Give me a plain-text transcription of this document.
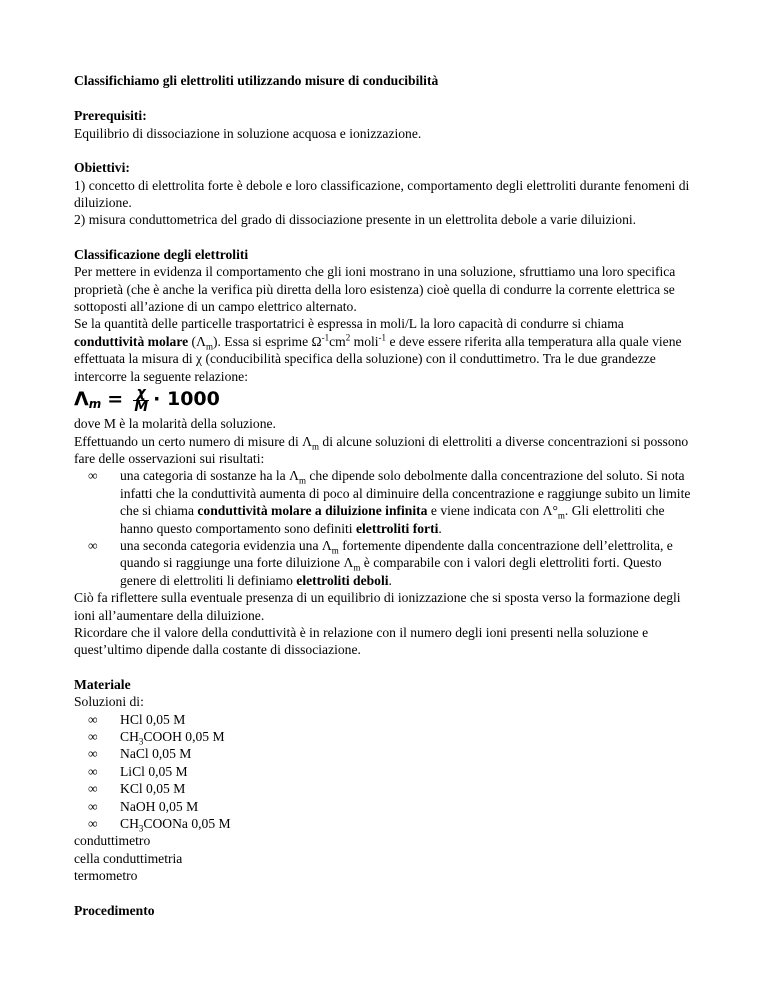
Classifichiamo gli elettroliti utilizzando misure di conducibilità

Prerequisiti:

Equilibrio di dissociazione in soluzione acquosa e ionizzazione.

Obiettivi:

1) concetto di elettrolita forte è debole e loro classificazione, comportamento degli elettroliti durante fenomeni di diluizione.

2) misura conduttometrica del grado di dissociazione presente in un elettrolita debole a varie diluizioni.

Classificazione degli elettroliti

Per mettere in evidenza il comportamento che gli ioni mostrano in una soluzione, sfruttiamo una loro specifica proprietà (che è anche la verifica più diretta della loro esistenza) cioè quella di condurre la corrente elettrica se sottoposti all’azione di un campo elettrico alternato.

Se la quantità delle particelle trasportatrici è espressa in moli/L la loro capacità di condurre si chiama conduttività molare $(\Lambda_m)$. Essa si esprime $\Omega^{-1}cm^2$ moli$^{-1}$ e deve essere riferita alla temperatura alla quale viene effettuata la misura di χ (conducibilità specifica della soluzione) con il conduttimetro. Tra le due grandezze intercorre la seguente relazione:

Λ $m = \frac{\chi}{M} \cdot 1000$

dove M è la molarità della soluzione.

Effettuando un certo numero di misure di $\Lambda_m$ di alcune soluzioni di elettroliti a diverse concentrazioni si possono fare delle osservazioni sui risultati:

∞ una categoria di sostanze ha la $\Lambda_m$ che dipende solo debolmente dalla concentrazione del soluto. Si nota infatti che la conduttività aumenta di poco al diminuire della concentrazione e raggiunge subito un limite che si chiama conduttività molare a diluizione infinita e viene indicata con $\Lambda^\circ_m$. Gli elettroliti che hanno questo comportamento sono definiti elettroliti forti.
∞ una seconda categoria evidenzia una $\Lambda_m$ fortemente dipendente dalla concentrazione dell’elettrolita, e quando si raggiunge una forte diluizione $\Lambda_m$ è comparabile con i valori degli elettroliti forti. Questo genere di elettroliti li definiamo elettroliti deboli.

Ciò fa riflettere sulla eventuale presenza di un equilibrio di ionizzazione che si sposta verso la formazione degli ioni all’aumentare della diluizione.

Ricordare che il valore della conduttività è in relazione con il numero degli ioni presenti nella soluzione e quest’ultimo dipende dalla costante di dissociazione.

Materiale

Soluzioni di:

∞ HCl 0,05 M
∞ $CH_3COOH$ 0,05 M
∞ NaCl 0,05 M
∞ LiCl 0,05 M
∞ KCl 0,05 M
∞ NaOH 0,05 M
∞ $CH_3COONa$ 0,05 M

conduttimetro

cella conduttimetria

termometro

Procedimento
